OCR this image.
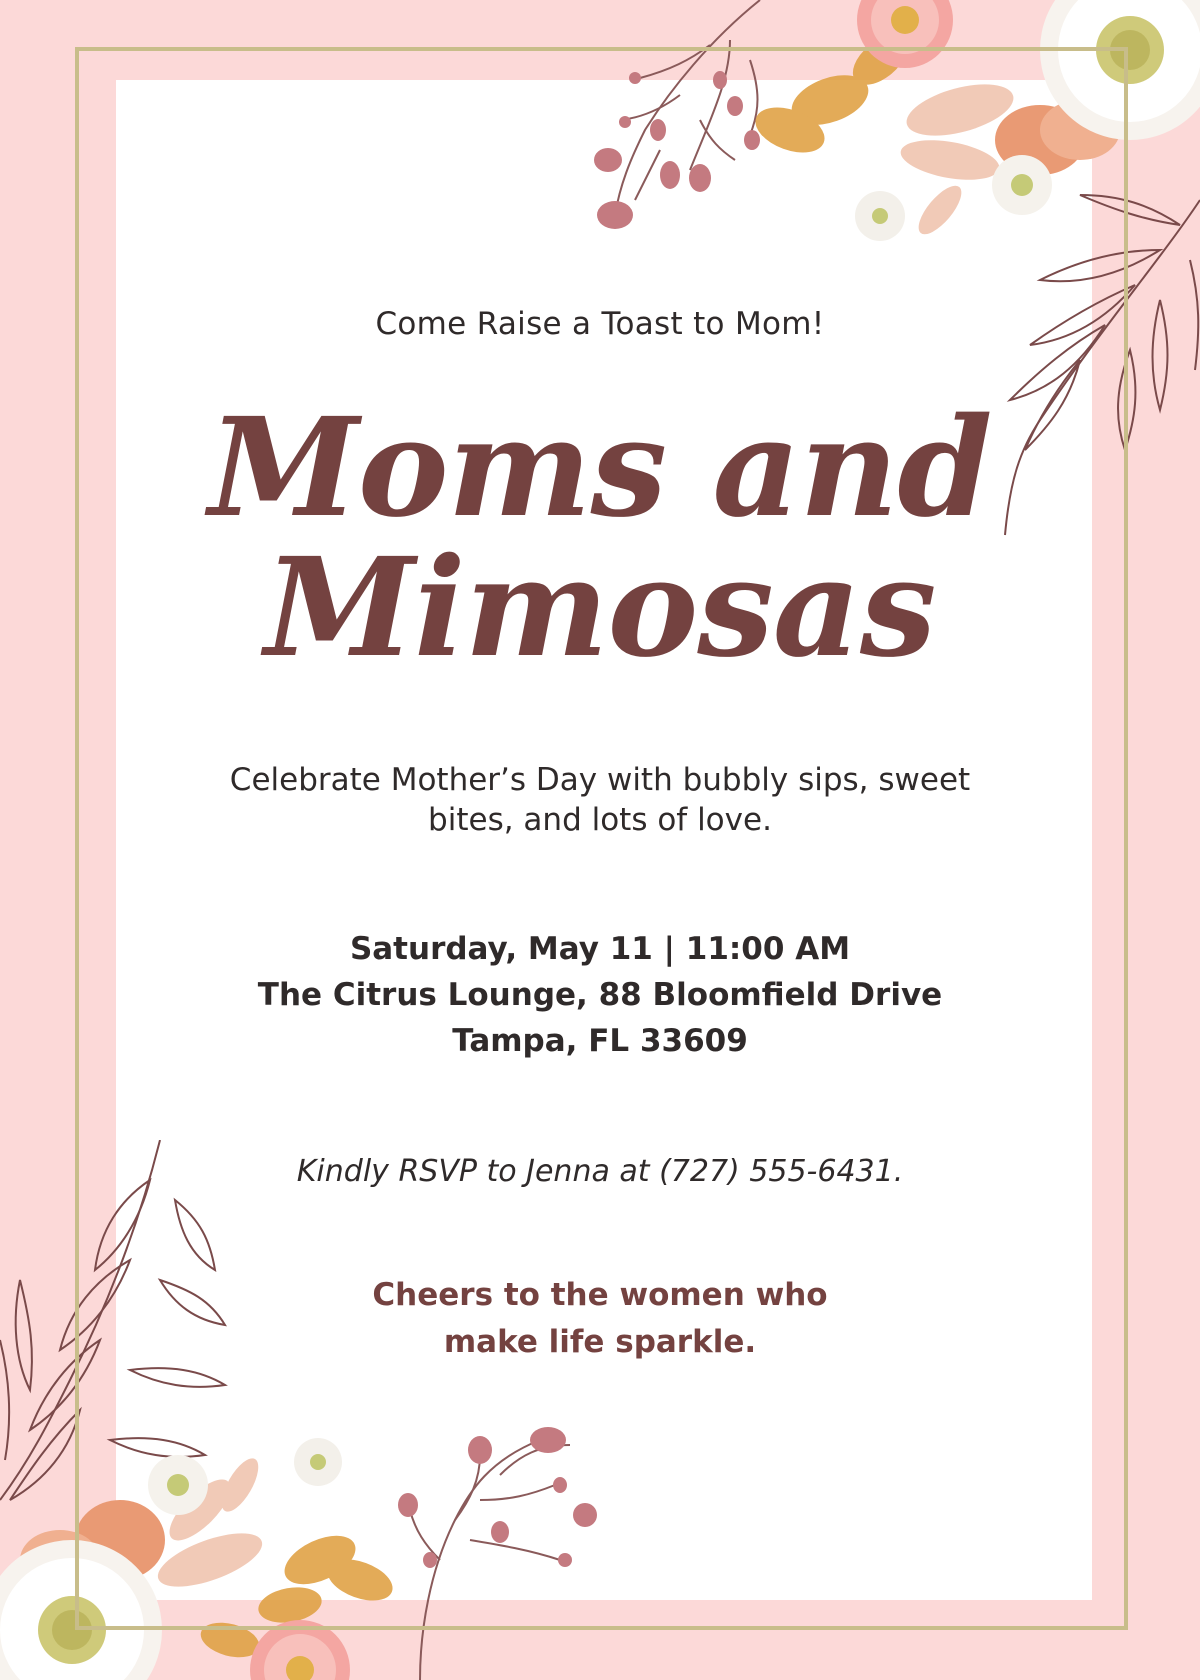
Come Raise a Toast to Mom!
Moms and
Mimosas
Celebrate Mother’s Day with bubbly sips, sweet
bites, and lots of love.
Saturday, May 11 | 11:00 AM
The Citrus Lounge, 88 Bloomfield Drive
Tampa, FL 33609
Kindly RSVP to Jenna at (727) 555-6431.
Cheers to the women who
make life sparkle.
